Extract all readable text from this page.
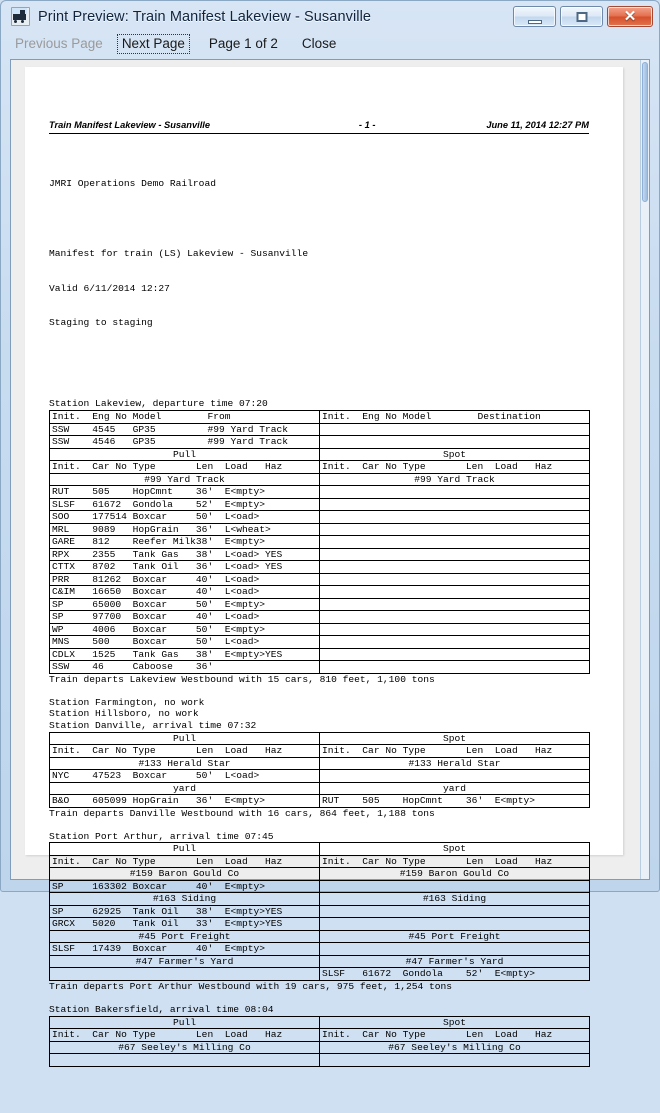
Print Preview: Train Manifest Lakeview - Susanville	✕
Previous Page	Next Page	Page 1 of 2	Close

Train Manifest Lakeview - Susanville	- 1 -	June 11, 2014 12:27 PM

JMRI Operations Demo Railroad

Manifest for train (LS) Lakeview - Susanville

Valid 6/11/2014 12:27

Staging to staging

Station Lakeview, departure time 07:20
Init.  Eng No Model        From	Init.  Eng No Model        Destination
SSW    4545   GP35         #99 Yard Track	
SSW    4546   GP35         #99 Yard Track	
Pull	Spot
Init.  Car No Type       Len  Load   Haz	Init.  Car No Type       Len  Load   Haz
#99 Yard Track	#99 Yard Track
RUT    505    HopCmnt    36'  E<mpty>	
SLSF   61672  Gondola    52'  E<mpty>	
SOO    177514 Boxcar     50'  L<oad>	
MRL    9089   HopGrain   36'  L<wheat>	
GARE   812    Reefer Milk38'  E<mpty>	
RPX    2355   Tank Gas   38'  L<oad> YES	
CTTX   8702   Tank Oil   36'  L<oad> YES	
PRR    81262  Boxcar     40'  L<oad>	
C&IM   16650  Boxcar     40'  L<oad>	
SP     65000  Boxcar     50'  E<mpty>	
SP     97700  Boxcar     40'  L<oad>	
WP     4006   Boxcar     50'  E<mpty>	
MNS    500    Boxcar     50'  L<oad>	
CDLX   1525   Tank Gas   38'  E<mpty>YES	
SSW    46     Caboose    36'	
Train departs Lakeview Westbound with 15 cars, 810 feet, 1,100 tons
Station Farmington, no work
Station Hillsboro, no work
Station Danville, arrival time 07:32
Pull	Spot
Init.  Car No Type       Len  Load   Haz	Init.  Car No Type       Len  Load   Haz
#133 Herald Star	#133 Herald Star
NYC    47523  Boxcar     50'  L<oad>	
yard	yard
B&O    605099 HopGrain   36'  E<mpty>	RUT    505    HopCmnt    36'  E<mpty>
Train departs Danville Westbound with 16 cars, 864 feet, 1,188 tons
Station Port Arthur, arrival time 07:45
Pull	Spot
Init.  Car No Type       Len  Load   Haz	Init.  Car No Type       Len  Load   Haz
#159 Baron Gould Co	#159 Baron Gould Co
SP     163302 Boxcar     40'  E<mpty>	
#163 Siding	#163 Siding
SP     62925  Tank Oil   38'  E<mpty>YES	
GRCX   5020   Tank Oil   33'  E<mpty>YES	
#45 Port Freight	#45 Port Freight
SLSF   17439  Boxcar     40'  E<mpty>	
#47 Farmer's Yard	#47 Farmer's Yard
	SLSF   61672  Gondola    52'  E<mpty>
Train departs Port Arthur Westbound with 19 cars, 975 feet, 1,254 tons
Station Bakersfield, arrival time 08:04
Pull	Spot
Init.  Car No Type       Len  Load   Haz	Init.  Car No Type       Len  Load   Haz
#67 Seeley's Milling Co	#67 Seeley's Milling Co
